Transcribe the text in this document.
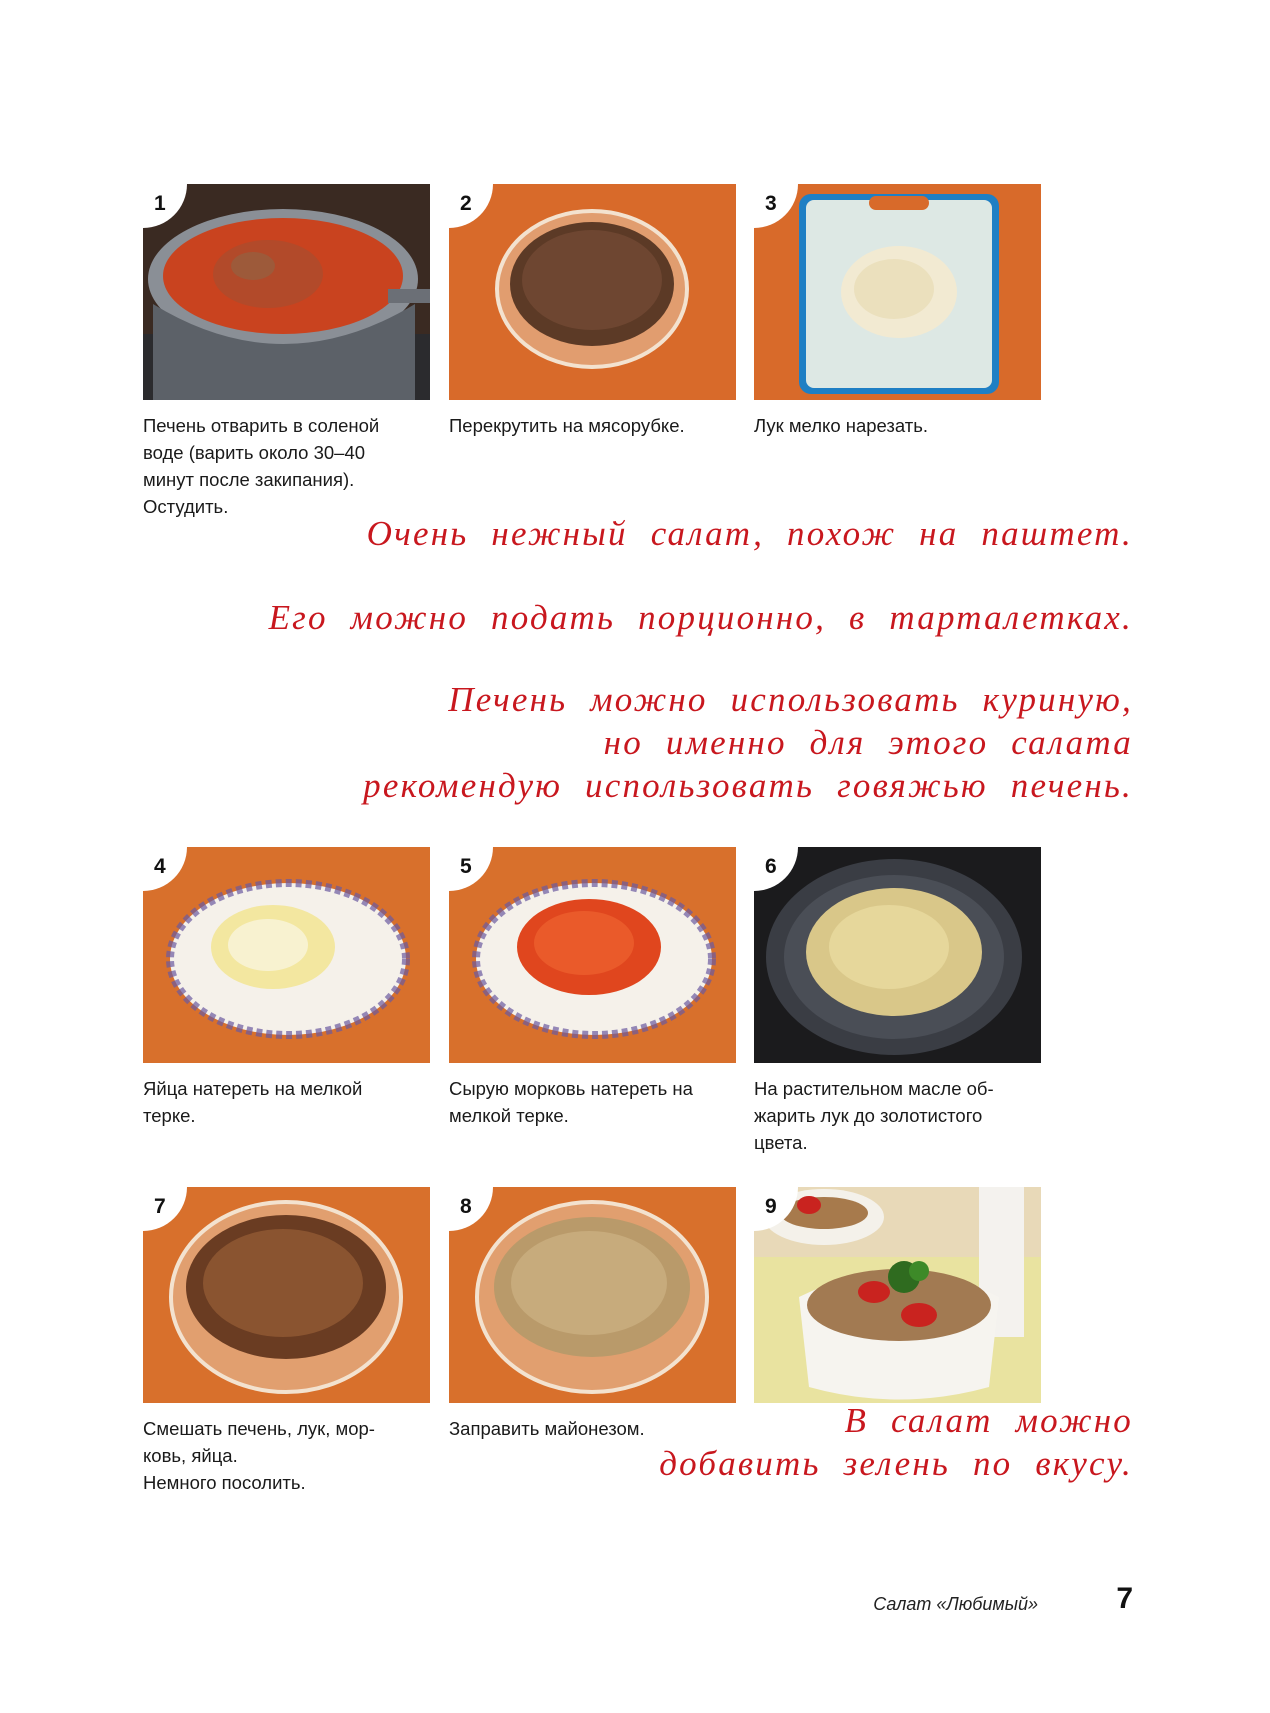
1
Печень отварить в соленой
воде (варить около 30–40
минут после закипания).
Остудить.
2
Перекрутить на мясорубке.
3
Лук мелко нарезать.
Очень нежный салат, похож на паштет.
Его можно подать порционно, в тарталетках.
Печень можно использовать куриную,
но именно для этого салата
рекомендую использовать говяжью печень.
4
Яйца натереть на мелкой
терке.
5
Сырую морковь натереть на
мелкой терке.
6
На растительном масле об-
жарить лук до золотистого
цвета.
7
Смешать печень, лук, мор-
ковь, яйца.
Немного посолить.
8
Заправить майонезом.
9
В салат можно
добавить зелень по вкусу.
Салат «Любимый»	7
